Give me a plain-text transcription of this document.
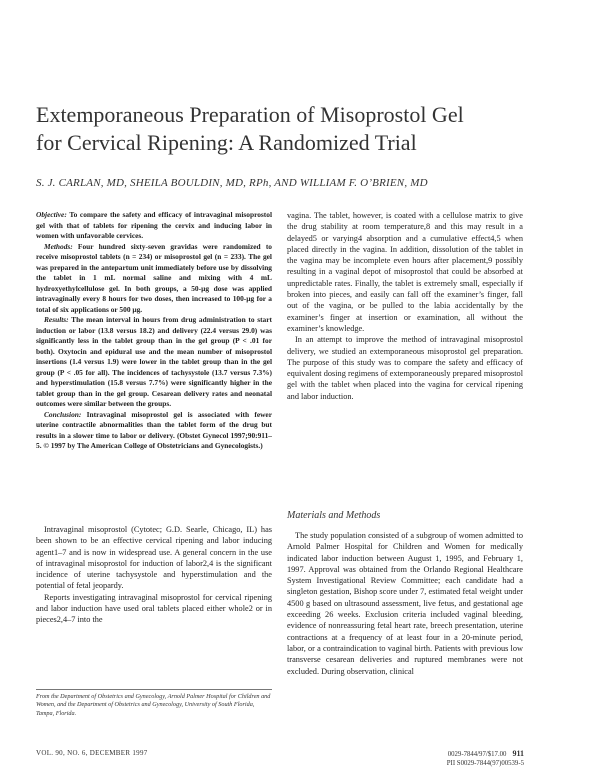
Extemporaneous Preparation of Misoprostol Gel
for Cervical Ripening: A Randomized Trial
S. J. CARLAN, MD, SHEILA BOULDIN, MD, RPh, AND WILLIAM F. O’BRIEN, MD

Objective: To compare the safety and efficacy of intravaginal misoprostol gel with that of tablets for ripening the cervix and inducing labor in women with unfavorable cervices.

Methods: Four hundred sixty-seven gravidas were randomized to receive misoprostol tablets (n = 234) or misoprostol gel (n = 233). The gel was prepared in the antepartum unit immediately before use by dissolving the tablet in 1 mL normal saline and mixing with 4 mL hydroxyethylcellulose gel. In both groups, a 50-µg dose was applied intravaginally every 8 hours for two doses, then increased to 100-µg for a total of six applications or 500 µg.

Results: The mean interval in hours from drug administration to start induction or labor (13.8 versus 18.2) and delivery (22.4 versus 29.0) was significantly less in the tablet group than in the gel group (P < .01 for both). Oxytocin and epidural use and the mean number of misoprostol insertions (1.4 versus 1.9) were lower in the tablet group than in the gel group (P < .05 for all). The incidences of tachysystole (13.7 versus 7.3%) and hyperstimulation (15.8 versus 7.7%) were significantly higher in the tablet group than in the gel group. Cesarean delivery rates and neonatal outcomes were similar between the groups.

Conclusion: Intravaginal misoprostol gel is associated with fewer uterine contractile abnormalities than the tablet form of the drug but results in a slower time to labor or delivery. (Obstet Gynecol 1997;90:911–5. © 1997 by The American College of Obstetricians and Gynecologists.)

Intravaginal misoprostol (Cytotec; G.D. Searle, Chicago, IL) has been shown to be an effective cervical ripening and labor inducing agent1–7 and is now in widespread use. A general concern in the use of intravaginal misoprostol for induction of labor2,4 is the significant incidence of uterine tachysystole and hyperstimulation and the potential of fetal jeopardy.

Reports investigating intravaginal misoprostol for cervical ripening and labor induction have used oral tablets placed either whole2 or in pieces2,4–7 into the

vagina. The tablet, however, is coated with a cellulose matrix to give the drug stability at room temperature,8 and this may result in a delayed5 or varying4 absorption and a cumulative effect4,5 when placed directly in the vagina. In addition, dissolution of the tablet in the vagina may be incomplete even hours after placement,9 possibly resulting in a vaginal depot of misoprostol that could be absorbed at unpredictable rates. Finally, the tablet is extremely small, especially if broken into pieces, and easily can fall off the examiner’s finger, fall out of the vagina, or be pulled to the labia accidentally by the examiner’s finger at insertion or examination, all without the examiner’s knowledge.

In an attempt to improve the method of intravaginal misoprostol delivery, we studied an extemporaneous misoprostol gel preparation. The purpose of this study was to compare the safety and efficacy of equivalent dosing regimens of extemporaneously prepared misoprostol gel with the tablet when placed into the vagina for cervical ripening and labor induction.

Materials and Methods

The study population consisted of a subgroup of women admitted to Arnold Palmer Hospital for Children and Women for medically indicated labor induction between August 1, 1995, and February 1, 1997. Approval was obtained from the Orlando Regional Healthcare System Investigational Review Committee; each candidate had a singleton gestation, Bishop score under 7, estimated fetal weight under 4500 g based on ultrasound assessment, live fetus, and gestational age exceeding 26 weeks. Exclusion criteria included vaginal bleeding, evidence of nonreassuring fetal heart rate, breech presentation, uterine contractions at a frequency of at least four in a 20-minute period, labor, or a contraindication to vaginal birth. Patients with previous low transverse cesarean deliveries and ruptured membranes were not excluded. During observation, clinical

From the Department of Obstetrics and Gynecology, Arnold Palmer Hospital for Children and Women, and the Department of Obstetrics and Gynecology, University of South Florida, Tampa, Florida.

VOL. 90, NO. 6, DECEMBER 1997	0029-7844/97/$17.00 911
PII S0029-7844(97)00539-5
